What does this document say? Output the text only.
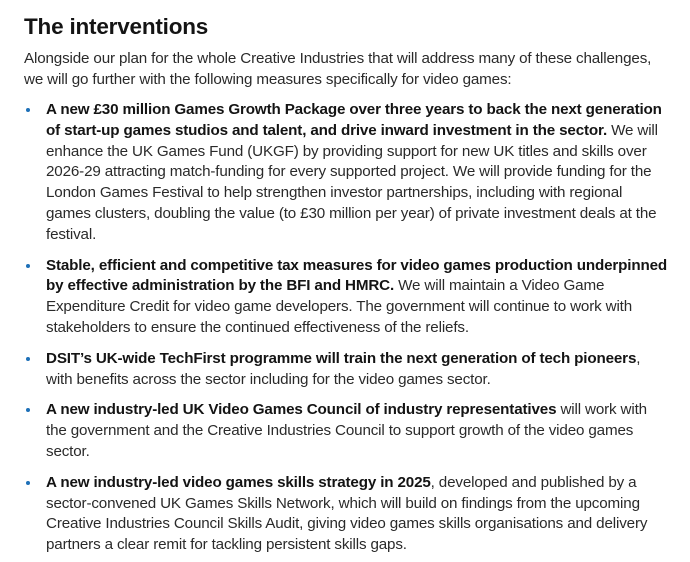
The interventions

Alongside our plan for the whole Creative Industries that will address many of these challenges, we will go further with the following measures specifically for video games:

A new £30 million Games Growth Package over three years to back the next generation of start-up games studios and talent, and drive inward investment in the sector. We will enhance the UK Games Fund (UKGF) by providing support for new UK titles and skills over 2026-29 attracting match-funding for every supported project. We will provide funding for the London Games Festival to help strengthen investor partnerships, including with regional games clusters, doubling the value (to £30 million per year) of private investment deals at the festival.
Stable, efficient and competitive tax measures for video games production underpinned by effective administration by the BFI and HMRC. We will maintain a Video Game Expenditure Credit for video game developers. The government will continue to work with stakeholders to ensure the continued effectiveness of the reliefs.
DSIT’s UK-wide TechFirst programme will train the next generation of tech pioneers, with benefits across the sector including for the video games sector.
A new industry-led UK Video Games Council of industry representatives will work with the government and the Creative Industries Council to support growth of the video games sector.
A new industry-led video games skills strategy in 2025, developed and published by a sector-convened UK Games Skills Network, which will build on findings from the upcoming Creative Industries Council Skills Audit, giving video games skills organisations and delivery partners a clear remit for tackling persistent skills gaps.
